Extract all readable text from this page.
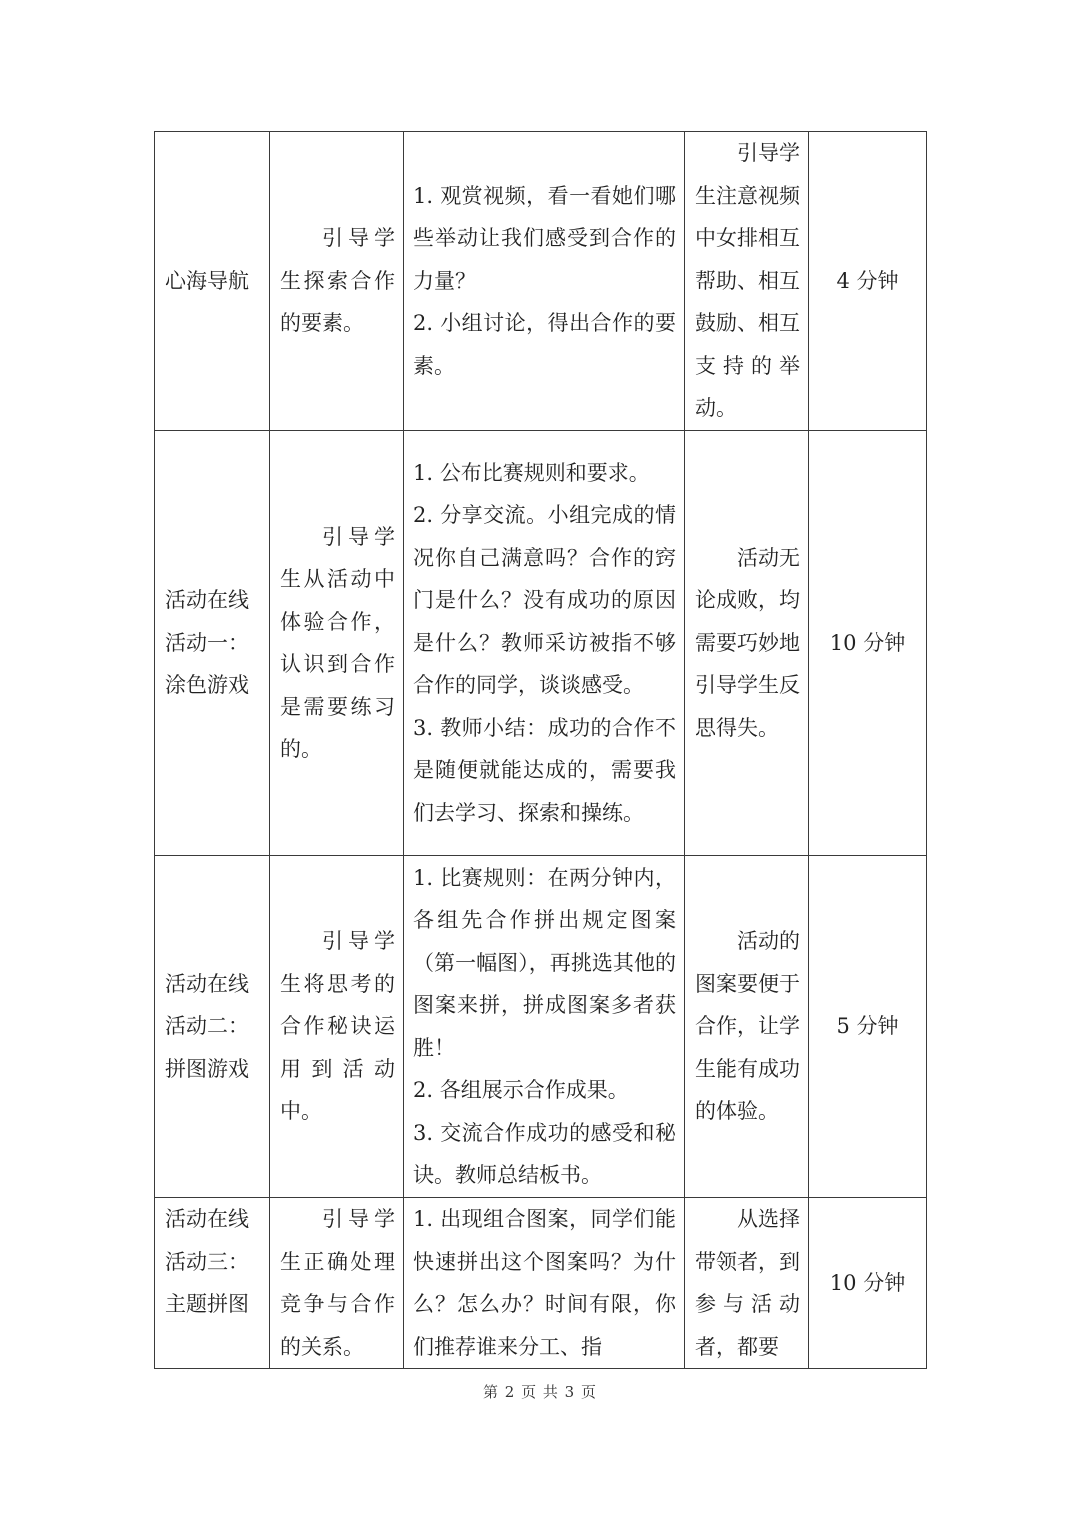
心海导航	引导学生探索合作的要素。	1. 观赏视频，看一看她们哪些举动让我们感受到合作的力量？
2. 小组讨论，得出合作的要素。	引导学生注意视频中女排相互帮助、相互鼓励、相互支持的举动。	4 分钟

活动在线
活动一：
涂色游戏	引导学生从活动中体验合作，认识到合作是需要练习的。	1. 公布比赛规则和要求。
2. 分享交流。小组完成的情况你自己满意吗？合作的窍门是什么？没有成功的原因是什么？教师采访被指不够合作的同学，谈谈感受。
3. 教师小结：成功的合作不是随便就能达成的，需要我们去学习、探索和操练。	活动无论成败，均需要巧妙地引导学生反思得失。	10 分钟

活动在线
活动二：
拼图游戏	引导学生将思考的合作秘诀运用到活动中。	1. 比赛规则：在两分钟内，各组先合作拼出规定图案（第一幅图），再挑选其他的图案来拼，拼成图案多者获胜！
2. 各组展示合作成果。
3. 交流合作成功的感受和秘诀。教师总结板书。	活动的图案要便于合作，让学生能有成功的体验。	5 分钟

活动在线
活动三：
主题拼图	引导学生正确处理竞争与合作的关系。	1. 出现组合图案，同学们能快速拼出这个图案吗？为什么？怎么办？时间有限，你们推荐谁来分工、指	从选择带领者，到参与活动者，都要	10 分钟
第 2 页 共 3 页
